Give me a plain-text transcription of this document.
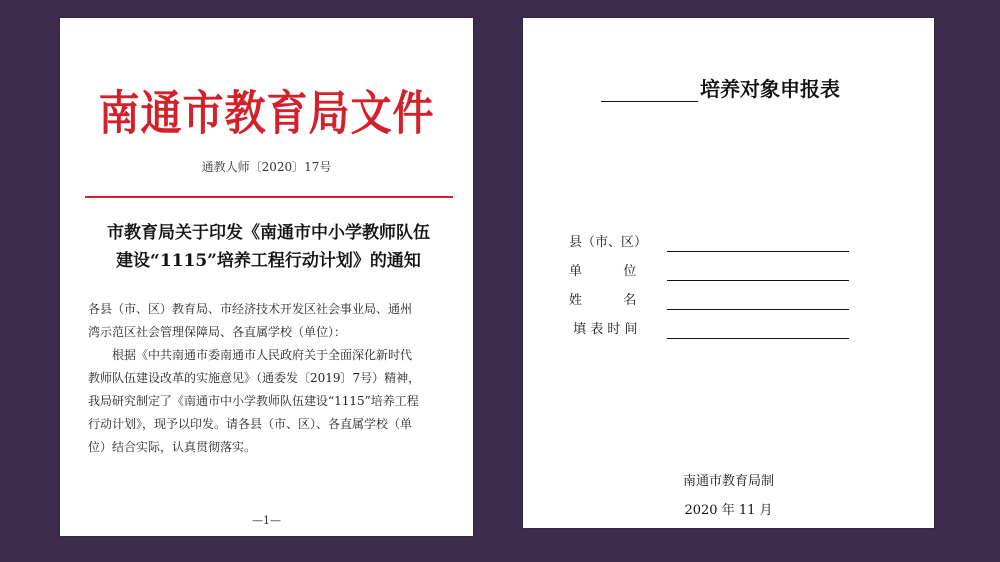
南通市教育局文件
通教人师〔2020〕17号
市教育局关于印发《南通市中小学教师队伍
建设“1115”培养工程行动计划》的通知

各县（市、区）教育局、市经济技术开发区社会事业局、通州

湾示范区社会管理保障局、各直属学校（单位）：

根据《中共南通市委南通市人民政府关于全面深化新时代

教师队伍建设改革的实施意见》（通委发〔2019〕7号）精神，

我局研究制定了《南通市中小学教师队伍建设“1115”培养工程

行动计划》，现予以印发。请各县（市、区）、各直属学校（单

位）结合实际，认真贯彻落实。

—1—
培养对象申报表
县（市、区）
单          位
姓          名
填 表 时 间
南通市教育局制
2020 年 11 月
